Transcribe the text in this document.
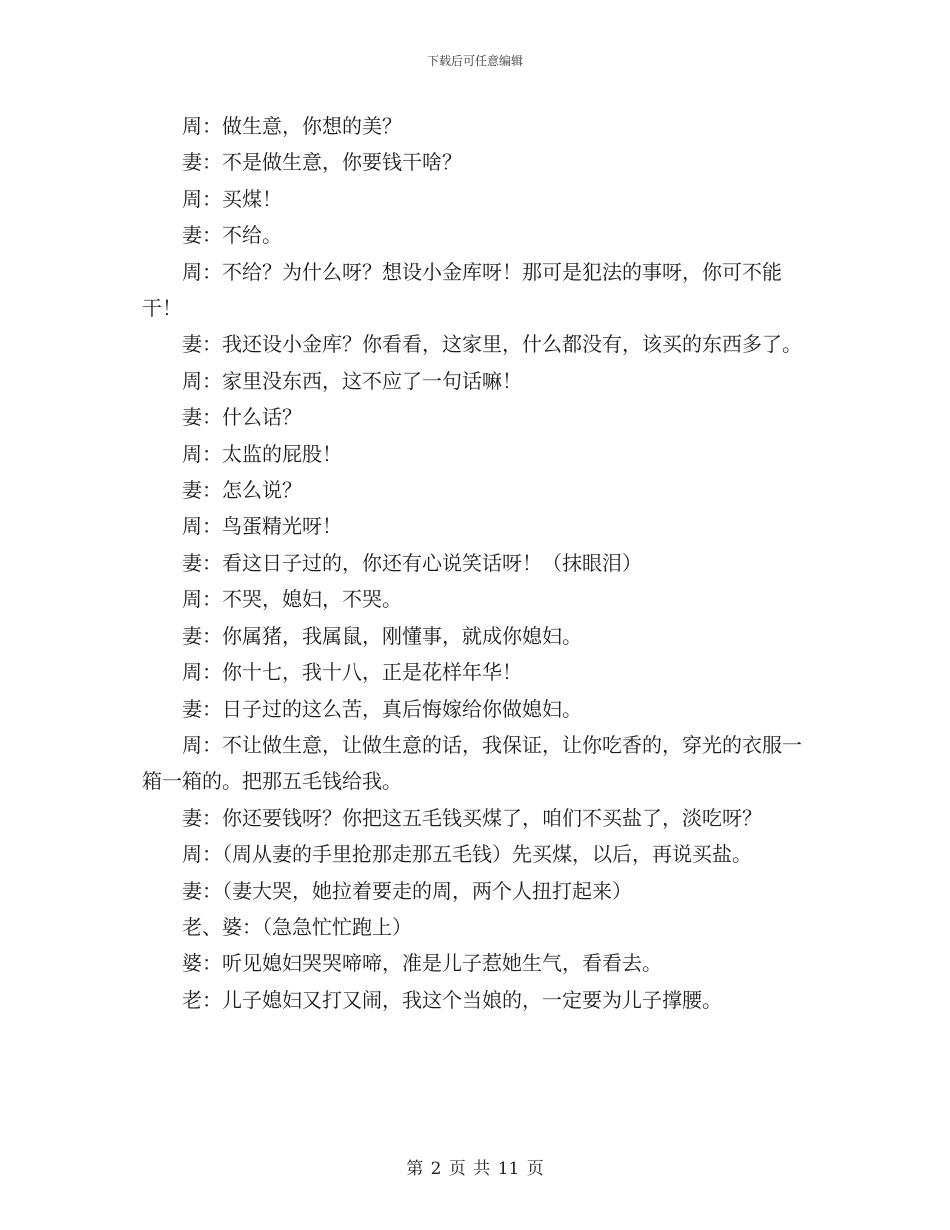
下载后可任意编辑

周：做生意，你想的美？

妻：不是做生意，你要钱干啥？

周：买煤！

妻：不给。

周：不给？为什么呀？想设小金库呀！那可是犯法的事呀，你可不能干！

妻：我还设小金库？你看看，这家里，什么都没有，该买的东西多了。

周：家里没东西，这不应了一句话嘛！

妻：什么话？

周：太监的屁股！

妻：怎么说？

周：鸟蛋精光呀！

妻：看这日子过的，你还有心说笑话呀！（抹眼泪）

周：不哭，媳妇，不哭。

妻：你属猪，我属鼠，刚懂事，就成你媳妇。

周：你十七，我十八，正是花样年华！

妻：日子过的这么苦，真后悔嫁给你做媳妇。

周：不让做生意，让做生意的话，我保证，让你吃香的，穿光的衣服一箱一箱的。把那五毛钱给我。

妻：你还要钱呀？你把这五毛钱买煤了，咱们不买盐了，淡吃呀？

周：（周从妻的手里抢那走那五毛钱）先买煤，以后，再说买盐。

妻：（妻大哭，她拉着要走的周，两个人扭打起来）

老、婆：（急急忙忙跑上）

婆：听见媳妇哭哭啼啼，准是儿子惹她生气，看看去。

老：儿子媳妇又打又闹，我这个当娘的，一定要为儿子撑腰。

第 2 页 共 11 页
